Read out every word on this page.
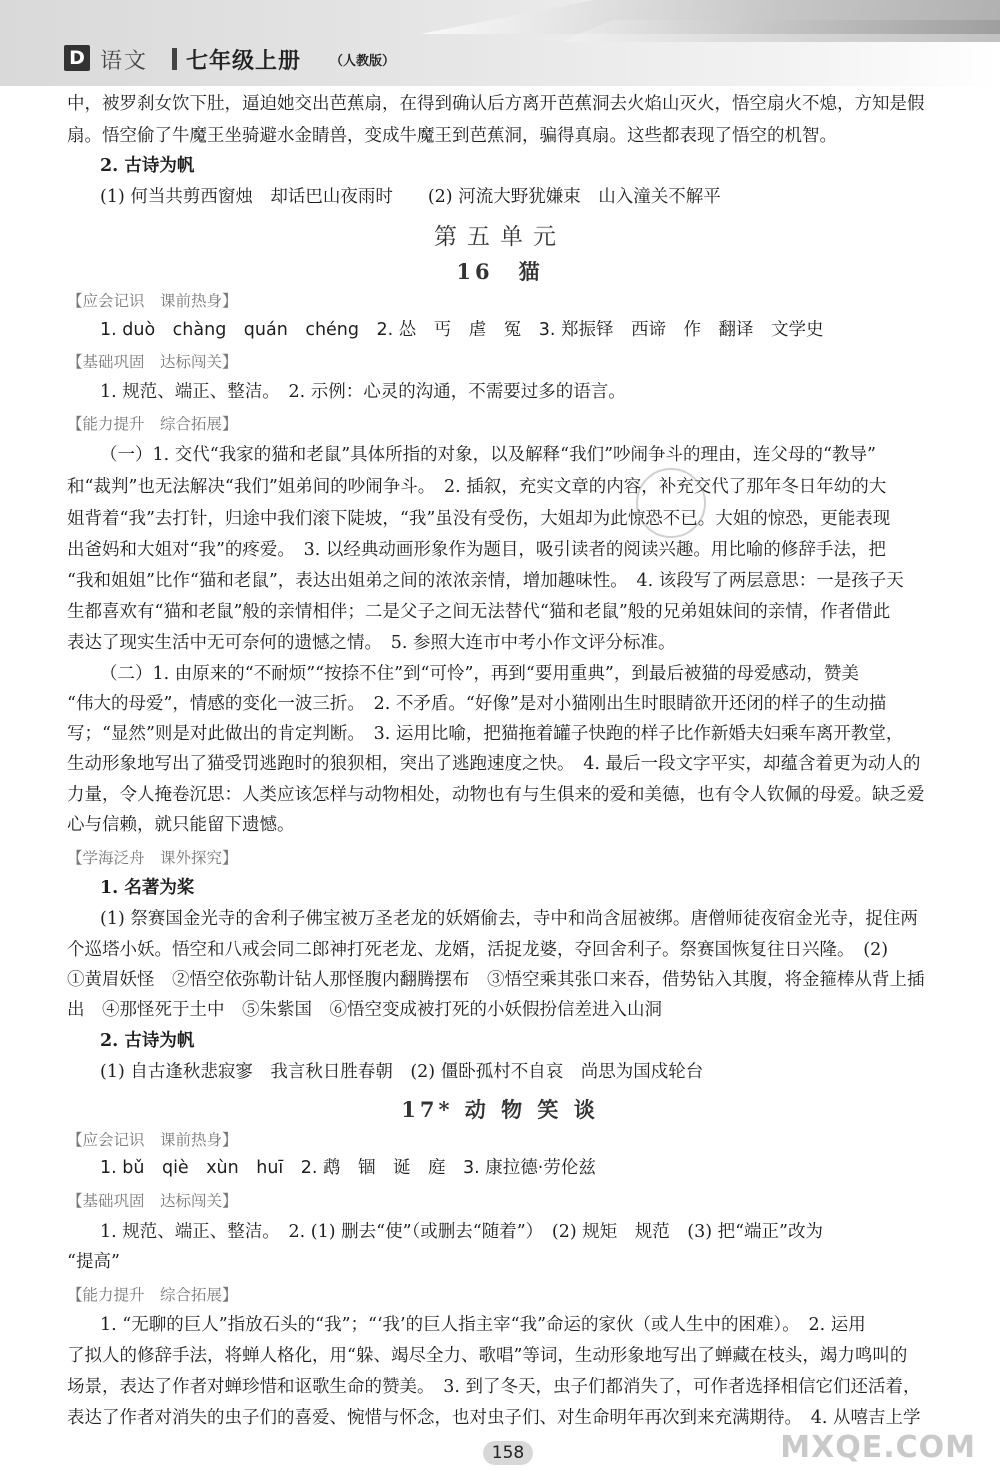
D 语文 七年级上册 （人教版）
中，被罗刹女饮下肚，逼迫她交出芭蕉扇，在得到确认后方离开芭蕉洞去火焰山灭火，悟空扇火不熄，方知是假
扇。悟空偷了牛魔王坐骑避水金睛兽，变成牛魔王到芭蕉洞，骗得真扇。这些都表现了悟空的机智。
2. 古诗为帆
(1) 何当共剪西窗烛　却话巴山夜雨时　　(2) 河流大野犹嫌束　山入潼关不解平
第五单元
16　猫
【应会记识　课前热身】
1. duò　chàng　quán　chéng　2. 怂　丐　虐　冤　3. 郑振铎　西谛　作　翻译　文学史
【基础巩固　达标闯关】
1. 规范、端正、整洁。　2. 示例：心灵的沟通，不需要过多的语言。
【能力提升　综合拓展】
（一）1. 交代“我家的猫和老鼠”具体所指的对象，以及解释“我们”吵闹争斗的理由，连父母的“教导”
和“裁判”也无法解决“我们”姐弟间的吵闹争斗。　2. 插叙，充实文章的内容，补充交代了那年冬日年幼的大
姐背着“我”去打针，归途中我们滚下陡坡，“我”虽没有受伤，大姐却为此惊恐不已。大姐的惊恐，更能表现
出爸妈和大姐对“我”的疼爱。　3. 以经典动画形象作为题目，吸引读者的阅读兴趣。用比喻的修辞手法，把
“我和姐姐”比作“猫和老鼠”，表达出姐弟之间的浓浓亲情，增加趣味性。　4. 该段写了两层意思：一是孩子天
生都喜欢有“猫和老鼠”般的亲情相伴；二是父子之间无法替代“猫和老鼠”般的兄弟姐妹间的亲情，作者借此
表达了现实生活中无可奈何的遗憾之情。　5. 参照大连市中考小作文评分标准。
（二）1. 由原来的“不耐烦”“按捺不住”到“可怜”，再到“要用重典”，到最后被猫的母爱感动，赞美
“伟大的母爱”，情感的变化一波三折。　2. 不矛盾。“好像”是对小猫刚出生时眼睛欲开还闭的样子的生动描
写；“显然”则是对此做出的肯定判断。　3. 运用比喻，把猫拖着罐子快跑的样子比作新婚夫妇乘车离开教堂，
生动形象地写出了猫受罚逃跑时的狼狈相，突出了逃跑速度之快。　4. 最后一段文字平实，却蕴含着更为动人的
力量，令人掩卷沉思：人类应该怎样与动物相处，动物也有与生俱来的爱和美德，也有令人钦佩的母爱。缺乏爱
心与信赖，就只能留下遗憾。
【学海泛舟　课外探究】
1. 名著为桨
(1) 祭赛国金光寺的舍利子佛宝被万圣老龙的妖婿偷去，寺中和尚含屈被绑。唐僧师徒夜宿金光寺，捉住两
个巡塔小妖。悟空和八戒会同二郎神打死老龙、龙婿，活捉龙婆，夺回舍利子。祭赛国恢复往日兴隆。　(2)
①黄眉妖怪　②悟空依弥勒计钻人那怪腹内翻腾摆布　③悟空乘其张口来吞，借势钻入其腹，将金箍棒从背上插
出　④那怪死于土中　⑤朱紫国　⑥悟空变成被打死的小妖假扮信差进入山洞
2. 古诗为帆
(1) 自古逢秋悲寂寥　我言秋日胜春朝　(2) 僵卧孤村不自哀　尚思为国戍轮台
17* 动 物 笑 谈
【应会记识　课前热身】
1. bǔ　qiè　xùn　huī　2. 鹉　锢　诞　庭　3. 康拉德·劳伦兹
【基础巩固　达标闯关】
1. 规范、端正、整洁。　2. (1) 删去“使”（或删去“随着”）　(2) 规矩　规范　(3) 把“端正”改为
“提高”
【能力提升　综合拓展】
1. “无聊的巨人”指放石头的“我”；“‘我’的巨人指主宰“我”命运的家伙（或人生中的困难）。　2. 运用
了拟人的修辞手法，将蝉人格化，用“躲、竭尽全力、歌唱”等词，生动形象地写出了蝉藏在枝头，竭力鸣叫的
场景，表达了作者对蝉珍惜和讴歌生命的赞美。　3. 到了冬天，虫子们都消失了，可作者选择相信它们还活着，
表达了作者对消失的虫子们的喜爱、惋惜与怀念，也对虫子们、对生命明年再次到来充满期待。　4. 从嘻吉上学
158	MXQE.COM
